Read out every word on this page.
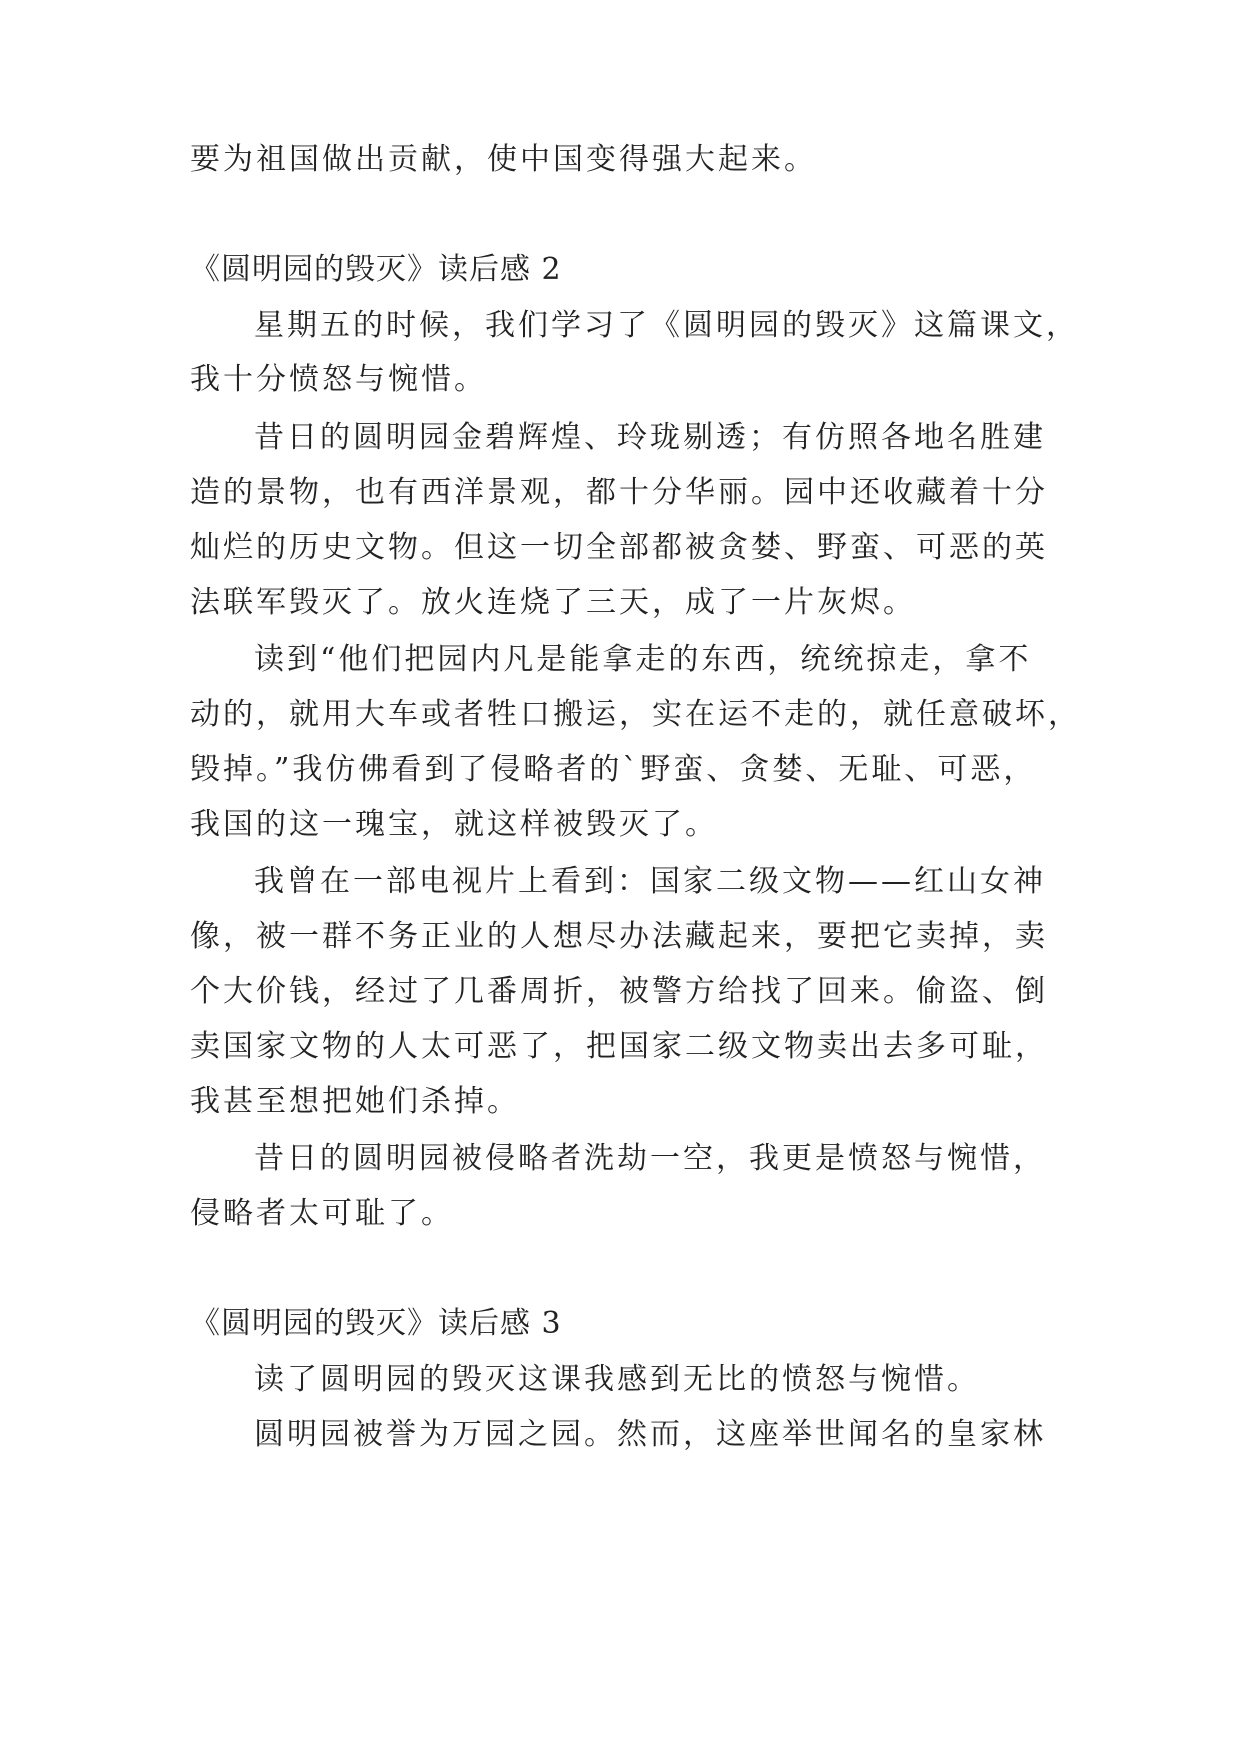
要为祖国做出贡献，使中国变得强大起来。
《圆明园的毁灭》读后感 2
星期五的时候，我们学习了《圆明园的毁灭》这篇课文，
我十分愤怒与惋惜。
昔日的圆明园金碧辉煌、玲珑剔透；有仿照各地名胜建
造的景物，也有西洋景观，都十分华丽。园中还收藏着十分
灿烂的历史文物。但这一切全部都被贪婪、野蛮、可恶的英
法联军毁灭了。放火连烧了三天，成了一片灰烬。
读到“他们把园内凡是能拿走的东西，统统掠走，拿不
动的，就用大车或者牲口搬运，实在运不走的，就任意破坏，
毁掉。”我仿佛看到了侵略者的`野蛮、贪婪、无耻、可恶，
我国的这一瑰宝，就这样被毁灭了。
我曾在一部电视片上看到：国家二级文物——红山女神
像，被一群不务正业的人想尽办法藏起来，要把它卖掉，卖
个大价钱，经过了几番周折，被警方给找了回来。偷盗、倒
卖国家文物的人太可恶了，把国家二级文物卖出去多可耻，
我甚至想把她们杀掉。
昔日的圆明园被侵略者洗劫一空，我更是愤怒与惋惜，
侵略者太可耻了。
《圆明园的毁灭》读后感 3
读了圆明园的毁灭这课我感到无比的愤怒与惋惜。
圆明园被誉为万园之园。然而，这座举世闻名的皇家林
